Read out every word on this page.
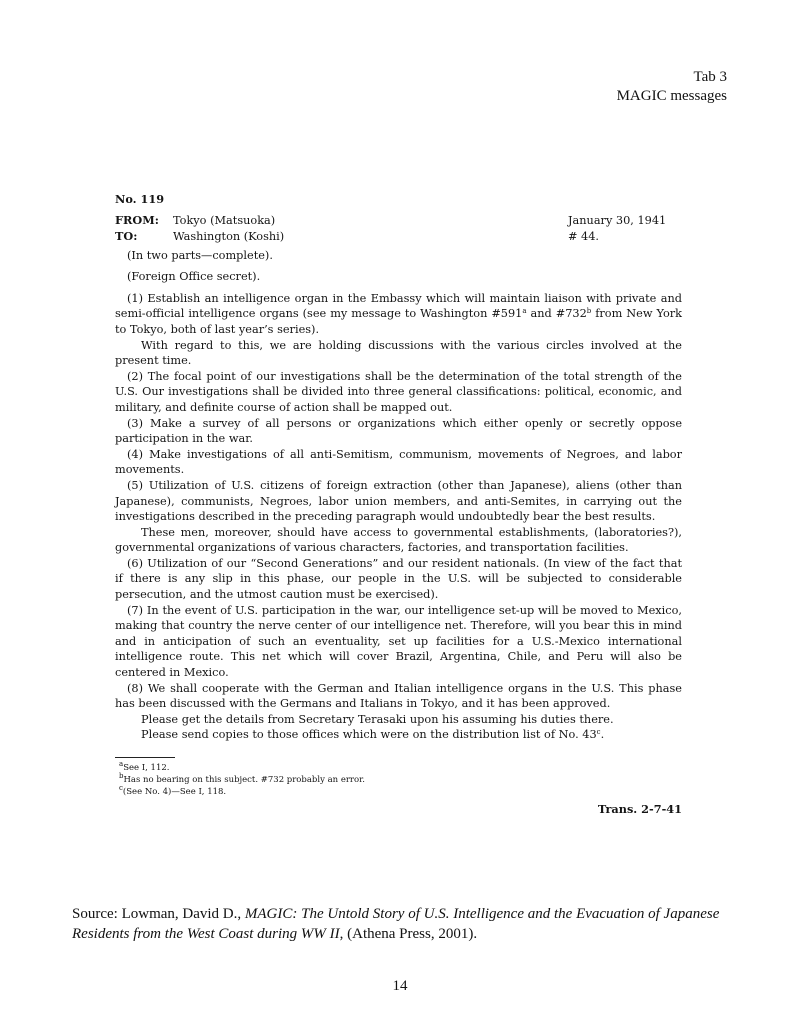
Tab 3
MAGIC messages
No. 119
FROM:	Tokyo (Matsuoka)	January 30, 1941
TO:	Washington (Koshi)	# 44.
(In two parts—complete).
(Foreign Office secret).

(1) Establish an intelligence organ in the Embassy which will maintain liaison with private and semi-official intelligence organs (see my message to Washington #591$^a$ and #732$^b$ from New York to Tokyo, both of last year’s series).

With regard to this, we are holding discussions with the various circles involved at the present time.

(2) The focal point of our investigations shall be the determination of the total strength of the U.S. Our investigations shall be divided into three general classifications: political, economic, and military, and definite course of action shall be mapped out.

(3) Make a survey of all persons or organizations which either openly or secretly oppose participation in the war.

(4) Make investigations of all anti-Semitism, communism, movements of Negroes, and labor movements.

(5) Utilization of U.S. citizens of foreign extraction (other than Japanese), aliens (other than Japanese), communists, Negroes, labor union members, and anti-Semites, in carrying out the investigations described in the preceding paragraph would undoubtedly bear the best results.

These men, moreover, should have access to governmental establishments, (laboratories?), governmental organizations of various characters, factories, and transportation facilities.

(6) Utilization of our “Second Generations” and our resident nationals. (In view of the fact that if there is any slip in this phase, our people in the U.S. will be subjected to considerable persecution, and the utmost caution must be exercised).

(7) In the event of U.S. participation in the war, our intelligence set-up will be moved to Mexico, making that country the nerve center of our intelligence net. Therefore, will you bear this in mind and in anticipation of such an eventuality, set up facilities for a U.S.-Mexico international intelligence route. This net which will cover Brazil, Argentina, Chile, and Peru will also be centered in Mexico.

(8) We shall cooperate with the German and Italian intelligence organs in the U.S. This phase has been discussed with the Germans and Italians in Tokyo, and it has been approved.

Please get the details from Secretary Terasaki upon his assuming his duties there.

Please send copies to those offices which were on the distribution list of No. 43$^c$.

$^a$See I, 112.
$^b$Has no bearing on this subject. #732 probably an error.
$^c$(See No. 4)—See I, 118.
Trans. 2-7-41
Source: Lowman, David D., MAGIC: The Untold Story of U.S. Intelligence and the Evacuation of Japanese Residents from the West Coast during WW II, (Athena Press, 2001).
14
